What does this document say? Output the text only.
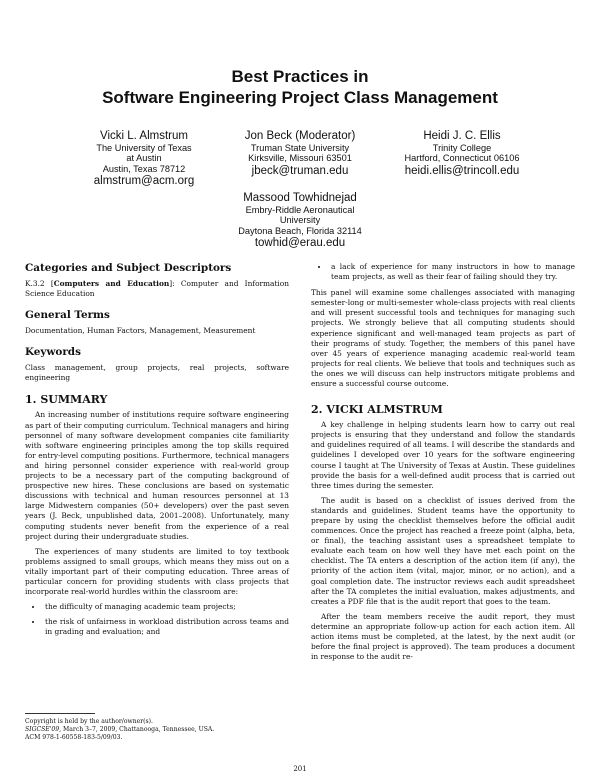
Best Practices in
Software Engineering Project Class Management
Vicki L. Almstrum
The University of Texas
at Austin
Austin, Texas 78712
almstrum@acm.org
Jon Beck (Moderator)
Truman State University
Kirksville, Missouri 63501
jbeck@truman.edu
Heidi J. C. Ellis
Trinity College
Hartford, Connecticut 06106
heidi.ellis@trincoll.edu
Massood Towhidnejad
Embry-Riddle Aeronautical
University
Daytona Beach, Florida 32114
towhid@erau.edu
Categories and Subject Descriptors

K.3.2 [Computers and Education]: Computer and Information Science Education

General Terms

Documentation, Human Factors, Management, Measurement

Keywords

Class management, group projects, real projects, software engineering

1. SUMMARY

An increasing number of institutions require software engineering as part of their computing curriculum. Technical managers and hiring personnel of many software development companies cite familiarity with software engineering principles among the top skills required for entry-level computing positions. Furthermore, technical managers and hiring personnel consider experience with real-world group projects to be a necessary part of the computing background of prospective new hires. These conclusions are based on systematic discussions with technical and human resources personnel at 13 large Midwestern companies (50+ developers) over the past seven years (J. Beck, unpublished data, 2001–2008). Unfortunately, many computing students never benefit from the experience of a real project during their undergraduate studies.

The experiences of many students are limited to toy textbook problems assigned to small groups, which means they miss out on a vitally important part of their computing education. Three areas of particular concern for providing students with class projects that incorporate real-world hurdles within the classroom are:

• the difficulty of managing academic team projects;
• the risk of unfairness in workload distribution across teams and in grading and evaluation; and
• a lack of experience for many instructors in how to manage team projects, as well as their fear of failing should they try.

This panel will examine some challenges associated with managing semester-long or multi-semester whole-class projects with real clients and will present successful tools and techniques for managing such projects. We strongly believe that all computing students should experience significant and well-managed team projects as part of their programs of study. Together, the members of this panel have over 45 years of experience managing academic real-world team projects for real clients. We believe that tools and techniques such as the ones we will discuss can help instructors mitigate problems and ensure a successful course outcome.

2. VICKI ALMSTRUM

A key challenge in helping students learn how to carry out real projects is ensuring that they understand and follow the standards and guidelines required of all teams. I will describe the standards and guidelines I developed over 10 years for the software engineering course I taught at The University of Texas at Austin. These guidelines provide the basis for a well-defined audit process that is carried out three times during the semester.

The audit is based on a checklist of issues derived from the standards and guidelines. Student teams have the opportunity to prepare by using the checklist themselves before the official audit commences. Once the project has reached a freeze point (alpha, beta, or final), the teaching assistant uses a spreadsheet template to evaluate each team on how well they have met each point on the checklist. The TA enters a description of the action item (if any), the priority of the action item (vital, major, minor, or no action), and a goal completion date. The instructor reviews each audit spreadsheet after the TA completes the initial evaluation, makes adjustments, and creates a PDF file that is the audit report that goes to the team.

After the team members receive the audit report, they must determine an appropriate follow-up action for each action item. All action items must be completed, at the latest, by the next audit (or before the final project is approved). The team produces a document in response to the audit re-

Copyright is held by the author/owner(s).
SIGCSE'09, March 3–7, 2009, Chattanooga, Tennessee, USA.
ACM 978-1-60558-183-5/09/03.
201
